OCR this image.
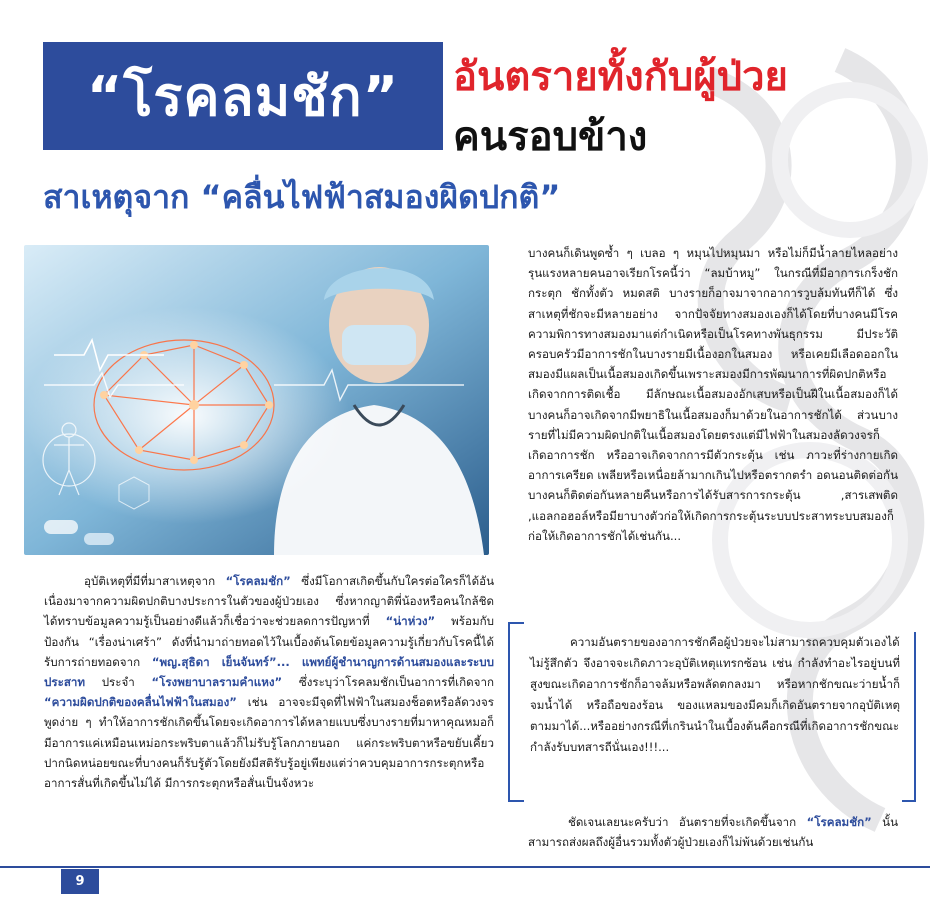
“โรคลมชัก” อันตรายทั้งกับผู้ป่วย
คนรอบข้าง
สาเหตุจาก “คลื่นไฟฟ้าสมองผิดปกติ”
อุบัติเหตุที่มีที่มาสาเหตุจาก “โรคลมชัก” ซึ่งมีโอกาสเกิดขึ้นกับใครต่อใครก็ได้อันเนื่องมาจากความผิดปกติบางประการในตัวของผู้ป่วยเอง ซึ่งหากญาติพี่น้องหรือคนใกล้ชิดได้ทราบข้อมูลความรู้เป็นอย่างดีแล้วก็เชื่อว่าจะช่วยลดการปัญหาที่ “น่าห่วง” พร้อมกับป้องกัน “เรื่องน่าเศร้า” ดังที่นำมาถ่ายทอดไว้ในเบื้องต้นโดยข้อมูลความรู้เกี่ยวกับโรคนี้ได้รับการถ่ายทอดจาก “พญ.สุธิดา เย็นจันทร์”... แพทย์ผู้ชำนาญการด้านสมองและระบบประสาท ประจำ “โรงพยาบาลรามคำแหง” ซึ่งระบุว่าโรคลมชักเป็นอาการที่เกิดจาก “ความผิดปกติของคลื่นไฟฟ้าในสมอง” เช่น อาจจะมีจุดที่ไฟฟ้าในสมองช็อตหรือลัดวงจรพูดง่าย ๆ ทำให้อาการชักเกิดขึ้นโดยจะเกิดอาการได้หลายแบบซึ่งบางรายที่มาหาคุณหมอก็มีอาการแค่เหมือนเหม่อกระพริบตาแล้วก็ไม่รับรู้โลกภายนอก แค่กระพริบตาหรือขยับเคี้ยวปากนิดหน่อยขณะที่บางคนก็รับรู้ตัวโดยยังมีสติรับรู้อยู่เพียงแต่ว่าควบคุมอาการกระตุกหรืออาการสั่นที่เกิดขึ้นไม่ได้ มีการกระตุกหรือสั่นเป็นจังหวะ
บางคนก็เดินพูดซ้ำ ๆ เบลอ ๆ หมุนไปหมุนมา หรือไม่ก็มีน้ำลายไหลอย่างรุนแรงหลายคนอาจเรียกโรคนี้ว่า “ลมบ้าหมู” ในกรณีที่มีอาการเกร็งชักกระตุก ชักทั้งตัว หมดสติ บางรายก็อาจมาจากอาการวูบล้มทันทีก็ได้ ซึ่งสาเหตุที่ชักจะมีหลายอย่าง จากปัจจัยทางสมองเองก็ได้โดยที่บางคนมีโรคความพิการทางสมองมาแต่กำเนิดหรือเป็นโรคทางพันธุกรรม มีประวัติครอบครัวมีอาการชักในบางรายมีเนื้องอกในสมอง หรือเคยมีเลือดออกในสมองมีแผลเป็นเนื้อสมองเกิดขึ้นเพราะสมองมีการพัฒนาการที่ผิดปกติหรือเกิดจากการติดเชื้อ มีลักษณะเนื้อสมองอักเสบหรือเป็นฝีในเนื้อสมองก็ได้ บางคนก็อาจเกิดจากมีพยาธิในเนื้อสมองก็มาด้วยในอาการชักได้ ส่วนบางรายที่ไม่มีความผิดปกติในเนื้อสมองโดยตรงแต่มีไฟฟ้าในสมองลัดวงจรก็เกิดอาการชัก หรืออาจเกิดจากการมีตัวกระตุ้น เช่น ภาวะที่ร่างกายเกิดอาการเครียด เพลียหรือเหนื่อยล้ามากเกินไปหรือตรากตรำ อดนอนติดต่อกันบางคนก็ติดต่อกันหลายคืนหรือการได้รับสารการกระตุ้น ,สารเสพติด ,แอลกอฮอล์หรือมียาบางตัวก่อให้เกิดการกระตุ้นระบบประสาทระบบสมองก็ก่อให้เกิดอาการชักได้เช่นกัน...
ความอันตรายของอาการชักคือผู้ป่วยจะไม่สามารถควบคุมตัวเองได้ไม่รู้สึกตัว จึงอาจจะเกิดภาวะอุบัติเหตุแทรกซ้อน เช่น กำลังทำอะไรอยู่บนที่สูงขณะเกิดอาการชักก็อาจล้มหรือพลัดตกลงมา หรือหากชักขณะว่ายน้ำก็จมน้ำได้ หรือถือของร้อน ของแหลมของมีคมก็เกิดอันตรายจากอุบัติเหตุตามมาได้...หรืออย่างกรณีที่เกรินนำในเบื้องต้นคือกรณีที่เกิดอาการชักขณะกำลังรับบทสารถีนั่นเอง!!!...
ชัดเจนเลยนะครับว่า อันตรายที่จะเกิดขึ้นจาก “โรคลมชัก” นั้นสามารถส่งผลถึงผู้อื่นรวมทั้งตัวผู้ป่วยเองก็ไม่พ้นด้วยเช่นกัน
9
